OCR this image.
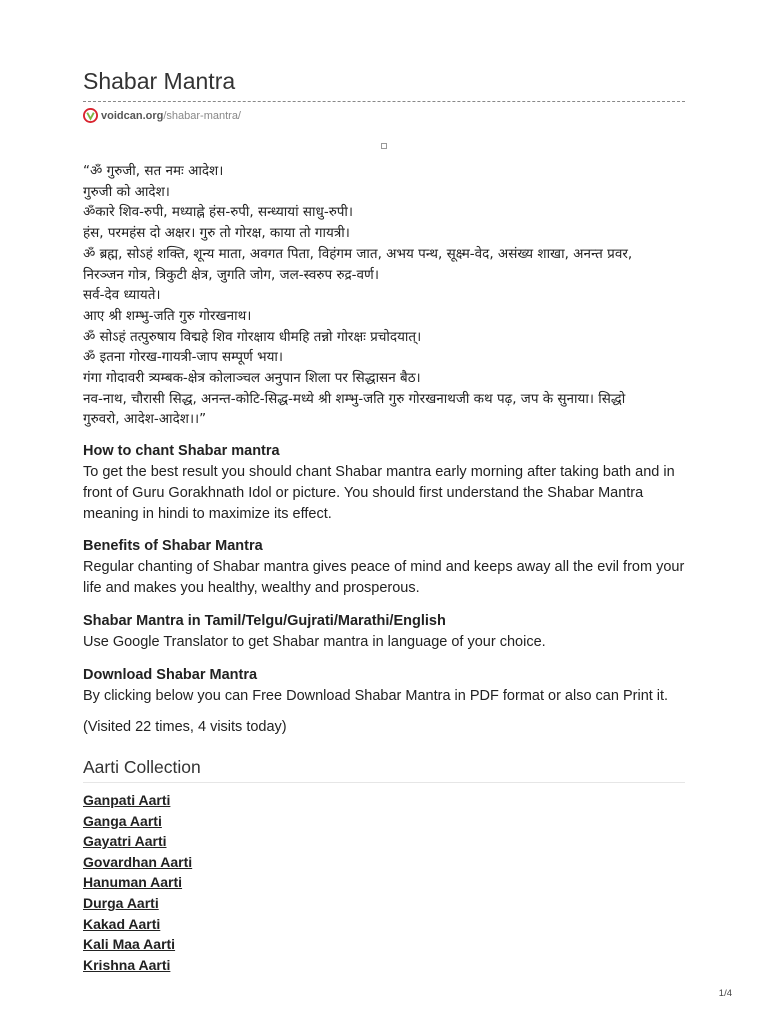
Shabar Mantra
voidcan.org /shabar-mantra/
“ॐ गुरुजी, सत नमः आदेश।
गुरुजी को आदेश।
ॐकारे शिव-रुपी, मध्याह्ने हंस-रुपी, सन्ध्यायां साधु-रुपी।
हंस, परमहंस दो अक्षर। गुरु तो गोरक्ष, काया तो गायत्री।
ॐ ब्रह्म, सोऽहं शक्ति, शून्य माता, अवगत पिता, विहंगम जात, अभय पन्थ, सूक्ष्म-वेद, असंख्य शाखा, अनन्त प्रवर,
निरञ्जन गोत्र, त्रिकुटी क्षेत्र, जुगति जोग, जल-स्वरुप रुद्र-वर्ण।
सर्व-देव ध्यायते।
आए श्री शम्भु-जति गुरु गोरखनाथ।
ॐ सोऽहं तत्पुरुषाय विद्महे शिव गोरक्षाय धीमहि तन्नो गोरक्षः प्रचोदयात्।
ॐ इतना गोरख-गायत्री-जाप सम्पूर्ण भया।
गंगा गोदावरी त्र्यम्बक-क्षेत्र कोलाञ्चल अनुपान शिला पर सिद्धासन बैठ।
नव-नाथ, चौरासी सिद्ध, अनन्त-कोटि-सिद्ध-मध्ये श्री शम्भु-जति गुरु गोरखनाथजी कथ पढ़, जप के सुनाया। सिद्धो
गुरुवरो, आदेश-आदेश।।”
How to chant Shabar mantra

To get the best result you should chant Shabar mantra early morning after taking bath and in front of Guru Gorakhnath Idol or picture. You should first understand the Shabar Mantra meaning in hindi to maximize its effect.

Benefits of Shabar Mantra

Regular chanting of Shabar mantra gives peace of mind and keeps away all the evil from your life and makes you healthy, wealthy and prosperous.

Shabar Mantra in Tamil/Telgu/Gujrati/Marathi/English

Use Google Translator to get Shabar mantra in language of your choice.

Download Shabar Mantra

By clicking below you can Free Download Shabar Mantra in PDF format or also can Print it.

(Visited 22 times, 4 visits today)
Aarti Collection
Ganpati Aarti
Ganga Aarti
Gayatri Aarti
Govardhan Aarti
Hanuman Aarti
Durga Aarti
Kakad Aarti
Kali Maa Aarti
Krishna Aarti
1/4
